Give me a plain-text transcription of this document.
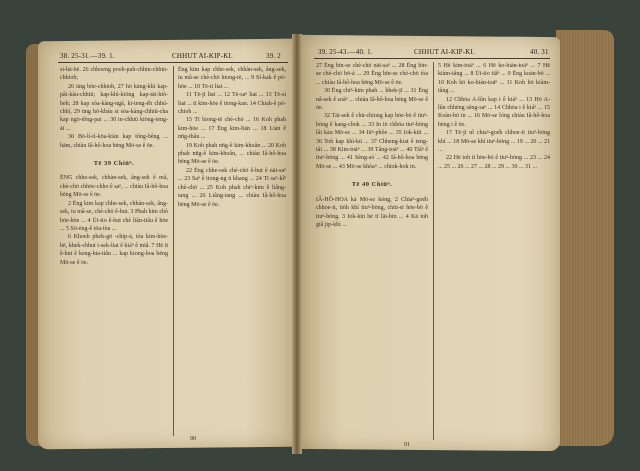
38. 25-31.—39. 1.	CHHUT AI-KIP-KI.	39. 2

si-hā-bē. 26 chhoeng pooh-pah-chhin-chhin-chhioh;

26 ūng bōe-chhioh, 27 hō kāng-khì kap-pâi-kàu-chhiū; kap-khì-kiōng kap-tāi-hiò-beh; 28 kap sòa-kàng-ngâ, ki-teng-ēh chhú-chhì, 29 ūng hō-kháu si sòa-kàng-chhiū-cha kap ngō-tông-pai ... 30 in-chhiū kiōng-teng-āi ...

30 Bō-lí-tì-kōa-kiàn kap tông-bêng ... hām, chiàu Iâ-hô-hoa bēng Mō-se ê ōe.

Tē 39 Chiūⁿ.

ĒNG chhe-sek, chhàn-sek, âng-sek ê mâ, chè-chō chhōe-chho ê saⁿ, ... chiàu Iâ-hô-hoa bēng Mō-se ê ōe.

2 Ēng kim kap chhe-sek, chhàn-sek, âng-sek, iu mâ-se, chè-chō ê-hut. 3 Phah kim chò hōe-hōe ... 4 Ūi-tio ê-hut chè liân-tiâu ê hōe ... 5 Sō-ēng-ê tōa-tòa ...

6 Khoeh phek-gō -chip-ā, tòa kim-hōe-hē, khek-chhut i-sek-liat ê kiáⁿ ê miâ. 7 Hē tī ê-hut ê keng-hia-tiâu ... kap kiong-hoa bēng Mō-se ê ōe.

Ēng kim kap chhe-sek, chhàn-sek, âng-sek, iu mâ-se chè-chō hiong-tē, ... 9 Sì-kak ê pō-hōe ... 10 Tē-it liat ...

11 Tē-jī liat ... 12 Tē-saⁿ liat ... 13 Tē-sì liat ... tī kim-hōe ê tiong-kan. 14 Chiah-ê pó-chioh ...

15 Tī hiong-tē chè-chō ... 16 Koh phah kim-hōe ... 17 Ēng kim-liān ... 18 Liān ê nn̄g-thâu ...

19 Koh phah nn̄g-ê kim-khoân ... 20 Koh phah nn̄g-ê kim-khoân, ... chiàu Iâ-hô-hoa bēng Mō-se ê ōe.

22 Ēng chhe-sek chè-chō ê-hut ê nāi-saⁿ ... 23 Saⁿ ê tiong-ng ū khang ... 24 Tī saⁿ-kîⁿ chè-chō ... 25 Koh phah chiⁿ-kim ê liâng-tang ... 26 Liâng-tang ... chiàu Iâ-hô-hoa bēng Mō-se ê ōe.

90
39. 25-43.—40. 1.	CHHUT AI-KIP-KI.	40. 31

27 Ēng bīn-se chè-chō nāi-saⁿ ... 28 Ēng bīn-se chè-chō bō-á ... 29 Ēng bīn-se chè-chō tòa ... chiàu Iâ-hô-hoa bēng Mō-se ê ōe.

30 Ēng chiⁿ-kim phah ... khek-jī ... 31 Ēng nâ-sek ê soàⁿ ... chiàu Iâ-hô-hoa bēng Mō-se ê ōe.

32 Tāi-sek ê chū-chiong kap hōe-bō ê tiuⁿ-bōng ê kang-chok ... 33 In tō chhōa tiuⁿ-bōng lâi kàu Mō-se ... 34 Iūⁿ-phôe ... 35 Iok-kūi ... 36 Toh kap khì-kū ... 37 Chheng-kiat ê teng-tâi ... 38 Kim-toāⁿ ... 39 Tâng-toāⁿ ... 40 Tiâⁿ ê tiuⁿ-bōng ... 41 Sèng-só͘ ... 42 Iâ-hô-hoa bēng Mō-se ... 43 Mō-se khòaⁿ ... chiok-hok in.

Tē 40 Chiūⁿ.

IÂ-HÔ-HOA kā Mō-se kóng, 2 Chiaⁿ-goe̍h chhoe-it, tiòh khí tiuⁿ-bōng, chiū-sī hōe-bō ê tiuⁿ-bōng. 3 Iok-kūi hē tī lāi-bīn ... 4 Kā toh giâ jip-khì ...

5 Hē kim-toāⁿ ... 6 Hē ko-hiàn-toāⁿ ... 7 Hē kiàm-tâng ... 8 Ūi-tio tiâⁿ ... 9 Ēng koàn-bō ... 10 Koh hō ko-hiàn-toāⁿ ... 11 Koh hō kiàm-tâng ...

12 Chhōa A-lûn kap i ê kiáⁿ ... 13 Hō A-lûn chhēng sèng-saⁿ ... 14 Chhōa i ê kiáⁿ ... 15 Koàn-bō in ... 16 Mō-se lóng chiàu Iâ-hô-hoa bēng i ê ōe.

17 Tē-jī nî chiaⁿ-goe̍h chhoe-it tiuⁿ-bōng khí ... 18 Mō-se khí tiuⁿ-bōng ... 19 ... 20 ... 21 ...

22 Hē toh tī hōe-bō ê tiuⁿ-bōng ... 23 ... 24 ... 25 ... 26 ... 27 ... 28 ... 29 ... 30 ... 31 ...

91
